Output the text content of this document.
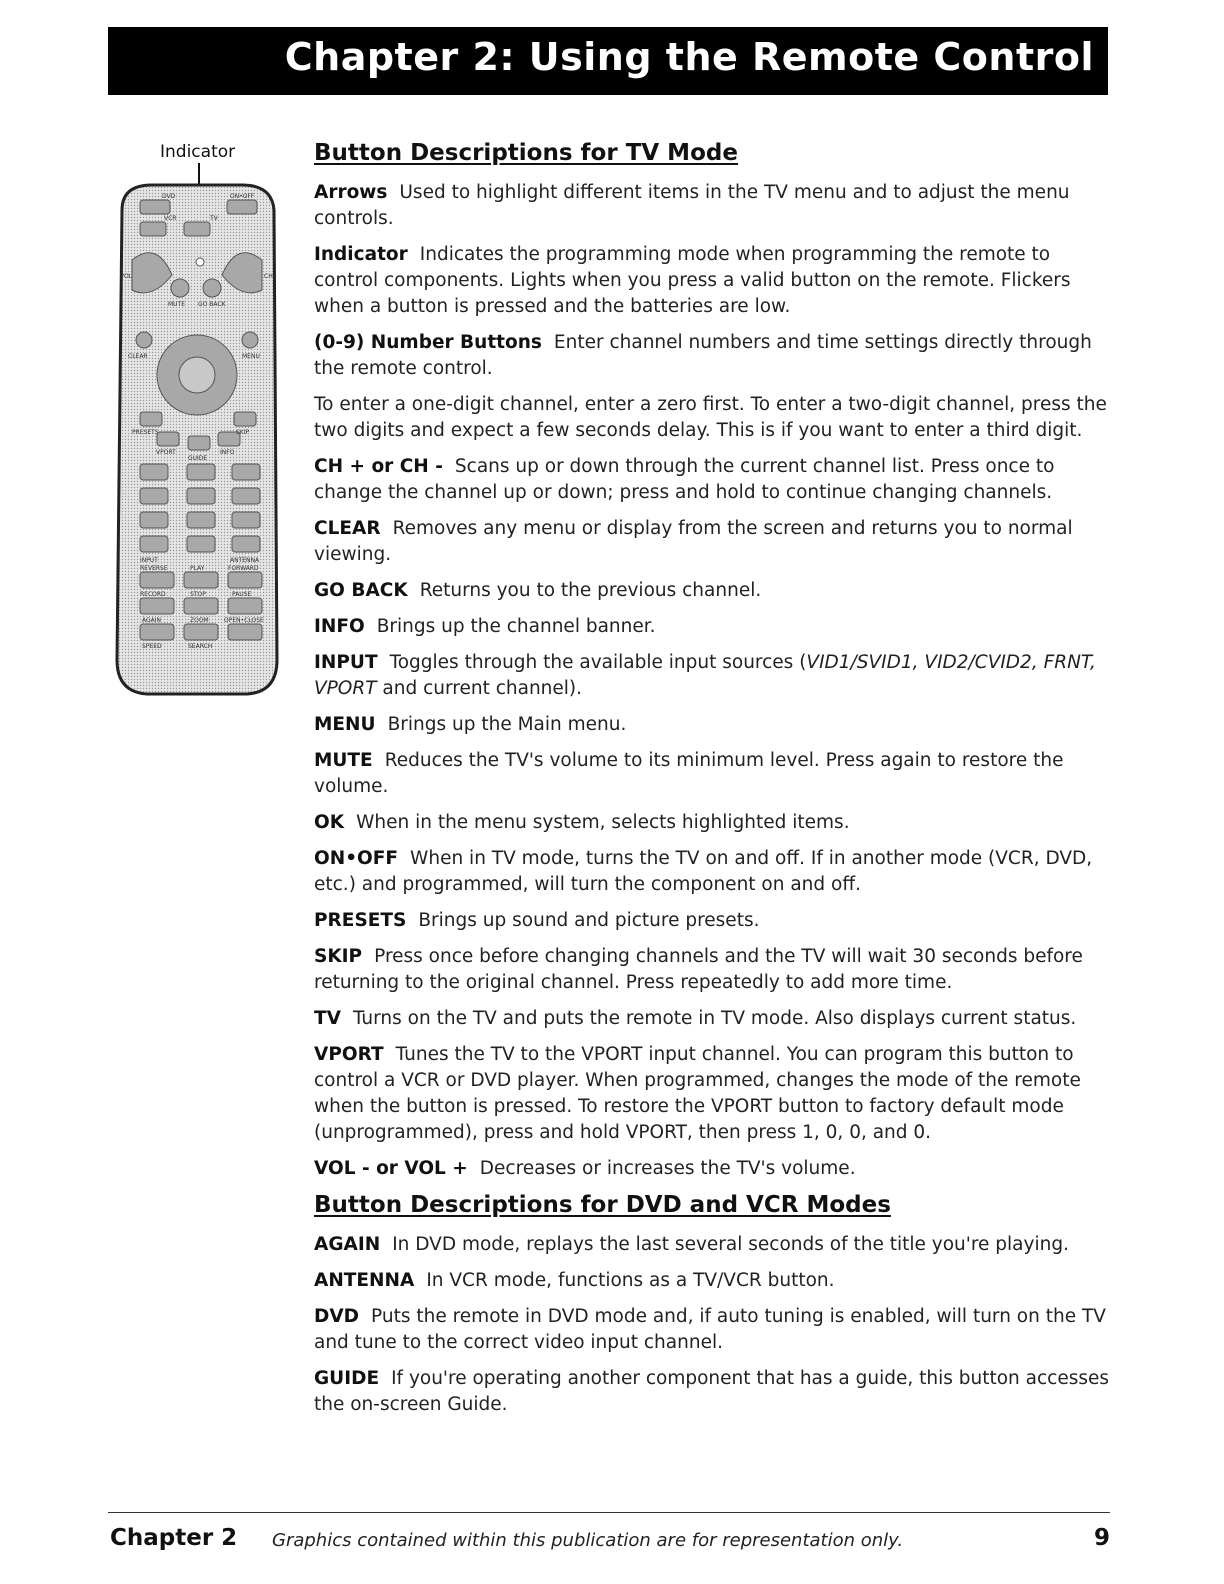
Chapter 2: Using the Remote Control
Indicator
DVD	ON•OFF
VCR	TV
VOL	CH
MUTE GO BACK
CLEAR	MENU
PRESETS	SKIP
VPORT	INFO
GUIDE
INPUT	ANTENNA
REVERSE	PLAY	FORWARD
RECORD	STOP	PAUSE
AGAIN	ZOOM	OPEN•CLOSE
SPEED	SEARCH
Button Descriptions for TV Mode

Arrows Used to highlight different items in the TV menu and to adjust the menu controls.

Indicator Indicates the programming mode when programming the remote to control components. Lights when you press a valid button on the remote. Flickers when a button is pressed and the batteries are low.

(0-9) Number Buttons Enter channel numbers and time settings directly through the remote control.

To enter a one-digit channel, enter a zero first. To enter a two-digit channel, press the two digits and expect a few seconds delay. This is if you want to enter a third digit.

CH + or CH - Scans up or down through the current channel list. Press once to change the channel up or down; press and hold to continue changing channels.

CLEAR Removes any menu or display from the screen and returns you to normal viewing.

GO BACK Returns you to the previous channel.

INFO Brings up the channel banner.

INPUT Toggles through the available input sources (VID1/SVID1, VID2/CVID2, FRNT, VPORT and current channel).

MENU Brings up the Main menu.

MUTE Reduces the TV's volume to its minimum level. Press again to restore the volume.

OK When in the menu system, selects highlighted items.

ON•OFF When in TV mode, turns the TV on and off. If in another mode (VCR, DVD, etc.) and programmed, will turn the component on and off.

PRESETS Brings up sound and picture presets.

SKIP Press once before changing channels and the TV will wait 30 seconds before returning to the original channel. Press repeatedly to add more time.

TV Turns on the TV and puts the remote in TV mode. Also displays current status.

VPORT Tunes the TV to the VPORT input channel. You can program this button to control a VCR or DVD player. When programmed, changes the mode of the remote when the button is pressed. To restore the VPORT button to factory default mode (unprogrammed), press and hold VPORT, then press 1, 0, 0, and 0.

VOL - or VOL + Decreases or increases the TV's volume.

Button Descriptions for DVD and VCR Modes

AGAIN In DVD mode, replays the last several seconds of the title you're playing.

ANTENNA In VCR mode, functions as a TV/VCR button.

DVD Puts the remote in DVD mode and, if auto tuning is enabled, will turn on the TV and tune to the correct video input channel.

GUIDE If you're operating another component that has a guide, this button accesses the on-screen Guide.

Chapter 2 Graphics contained within this publication are for representation only.	9
